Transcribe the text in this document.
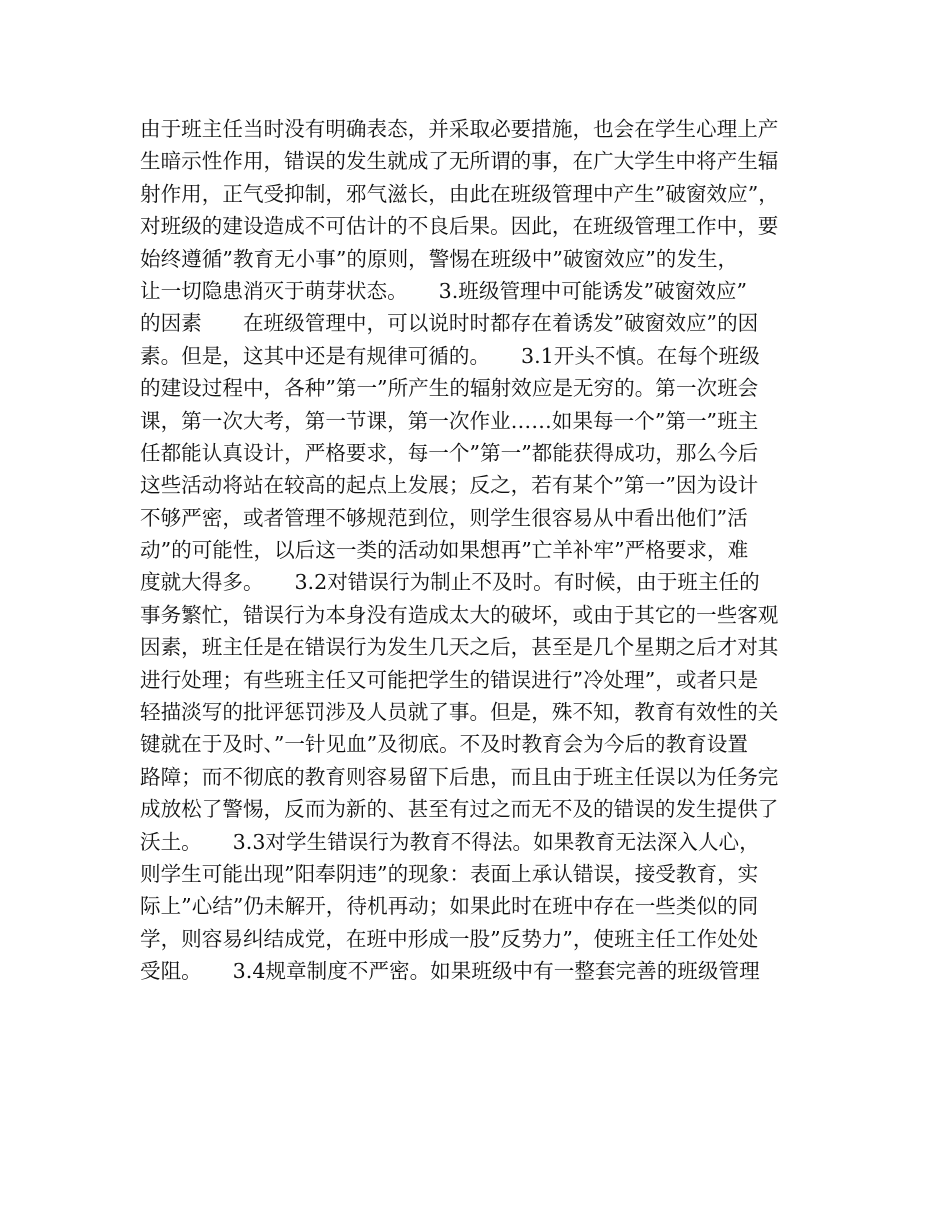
由于班主任当时没有明确表态，并采取必要措施，也会在学生心理上产
生暗示性作用，错误的发生就成了无所谓的事，在广大学生中将产生辐
射作用，正气受抑制，邪气滋长，由此在班级管理中产生”破窗效应”，
对班级的建设造成不可估计的不良后果。因此，在班级管理工作中，要
始终遵循”教育无小事”的原则，警惕在班级中”破窗效应”的发生，
让一切隐患消灭于萌芽状态。　　3.班级管理中可能诱发”破窗效应”
的因素　　在班级管理中，可以说时时都存在着诱发”破窗效应”的因
素。但是，这其中还是有规律可循的。　　3.1开头不慎。在每个班级
的建设过程中，各种”第一”所产生的辐射效应是无穷的。第一次班会
课，第一次大考，第一节课，第一次作业……如果每一个”第一”班主
任都能认真设计，严格要求，每一个”第一”都能获得成功，那么今后
这些活动将站在较高的起点上发展；反之，若有某个”第一”因为设计
不够严密，或者管理不够规范到位，则学生很容易从中看出他们”活
动”的可能性，以后这一类的活动如果想再”亡羊补牢”严格要求，难
度就大得多。　　3.2对错误行为制止不及时。有时候，由于班主任的
事务繁忙，错误行为本身没有造成太大的破坏，或由于其它的一些客观
因素，班主任是在错误行为发生几天之后，甚至是几个星期之后才对其
进行处理；有些班主任又可能把学生的错误进行”冷处理”，或者只是
轻描淡写的批评惩罚涉及人员就了事。但是，殊不知，教育有效性的关
键就在于及时、”一针见血”及彻底。不及时教育会为今后的教育设置
路障；而不彻底的教育则容易留下后患，而且由于班主任误以为任务完
成放松了警惕，反而为新的、甚至有过之而无不及的错误的发生提供了
沃土。　　3.3对学生错误行为教育不得法。如果教育无法深入人心，
则学生可能出现”阳奉阴违”的现象：表面上承认错误，接受教育，实
际上”心结”仍未解开，待机再动；如果此时在班中存在一些类似的同
学，则容易纠结成党，在班中形成一股”反势力”，使班主任工作处处
受阻。　　3.4规章制度不严密。如果班级中有一整套完善的班级管理
